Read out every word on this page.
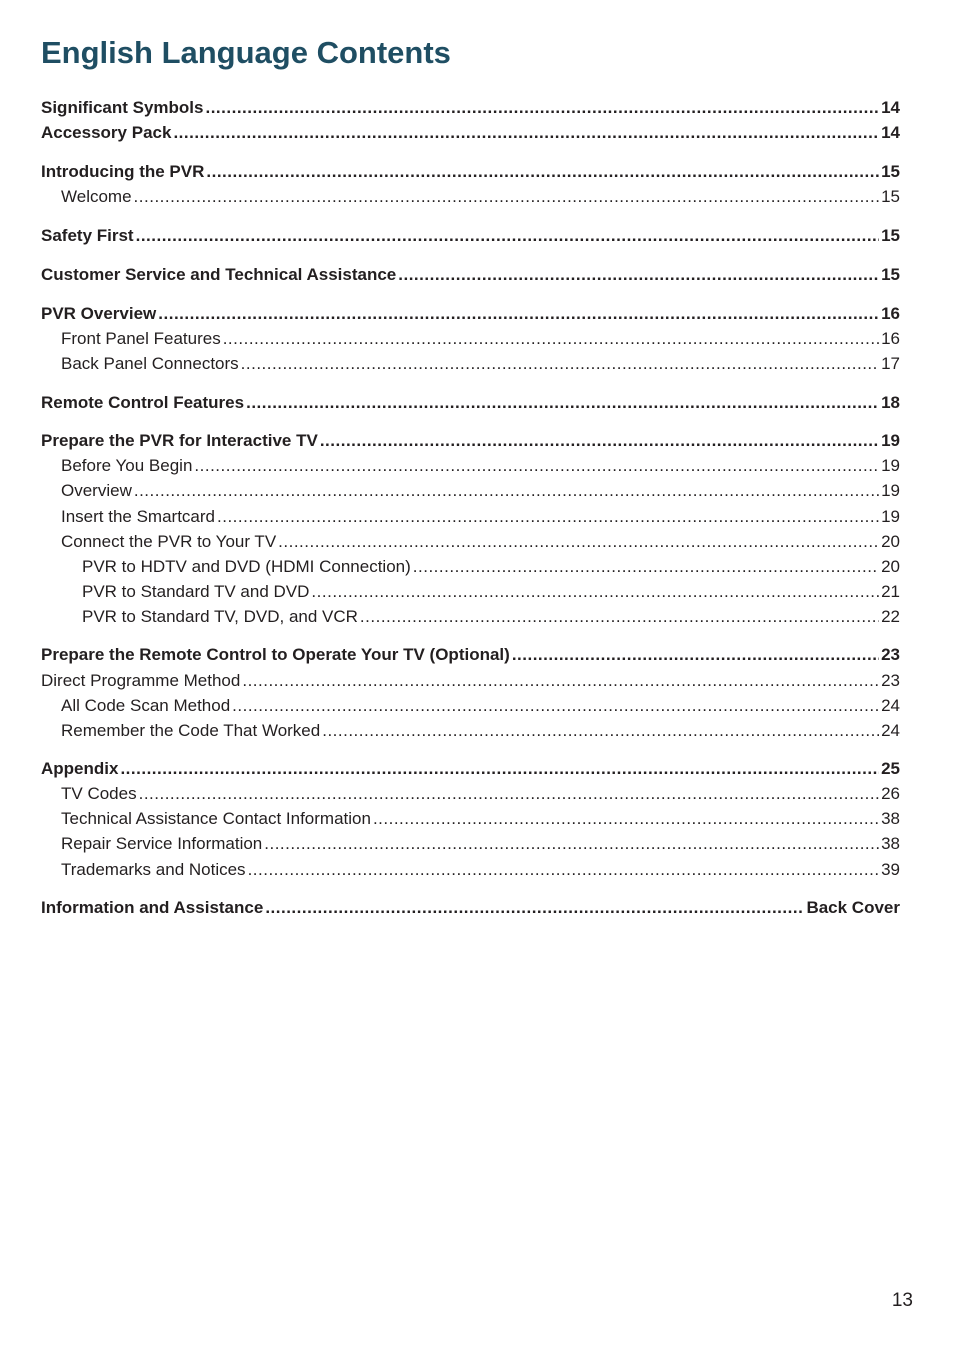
English Language Contents
Significant Symbols .....	14
Accessory Pack .....	14
Introducing the PVR .....	15
Welcome .....	15
Safety First .....	15
Customer Service and Technical Assistance .....	15
PVR Overview .....	16
Front Panel Features .....	16
Back Panel Connectors .....	17
Remote Control Features .....	18
Prepare the PVR for Interactive TV .....	19
Before You Begin .....	19
Overview .....	19
Insert the Smartcard .....	19
Connect the PVR to Your TV .....	20
PVR to HDTV and DVD (HDMI Connection) .....	20
PVR to Standard TV and DVD .....	21
PVR to Standard TV, DVD, and VCR .....	22
Prepare the Remote Control to Operate Your TV (Optional) .....	23
Direct Programme Method .....	23
All Code Scan Method .....	24
Remember the Code That Worked .....	24
Appendix .....	25
TV Codes .....	26
Technical Assistance Contact Information .....	38
Repair Service Information .....	38
Trademarks and Notices .....	39
Information and Assistance .....	Back Cover
13
